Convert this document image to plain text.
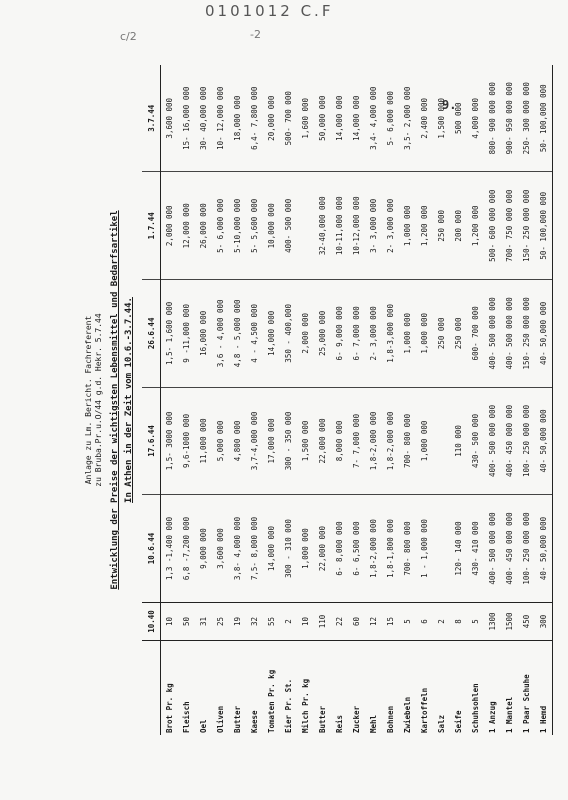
0101012 C.F
c/2	-2
9.
Anlage zu Lm. Bericht. Fachreferent zu Bruba.Pr.u.O/44 g.d. Hekr. 5.7.44 Entwicklung der Preise der wichtigsten Lebensmittel und Bedarfsartikel In Athen in der Zeit vom 10.6.-3.7.44.
	10.40	10.6.44	17.6.44	26.6.44	1.7.44	3.7.44
Brot Pr. kg	10	1,3 -1,400 000	1,5- 3000 000	1,5- 1,600 000	2,000 000	3,600 000
Fleisch	50	6,8 -7,200 000	9,6-1000 000	9 -11,000 000	12,000 000	15- 16,000 000
Oel	31	9,000 000	11,000 000	16,000 000	26,000 000	30- 40,000 000
Oliven	25	3,600 000	5,000 000	3,6 - 4,000 000	5- 6,000 000	10- 12,000 000
Butter	19	3,8- 4,000 000	4,800 000	4,8 - 5,000 000	5-10,000 000	18,000 000
Kaese	32	7,5- 8,000 000	3,7-4,000 000	4 - 4,500 000	5- 5,600 000	6,4- 7,800 000
Tomaten Pr. kg	55	14,000 000	17,000 000	14,000 000	10,000 000	20,000 000
Eier Pr. St.	2	300 - 310 000	300 - 350 000	350 - 400,000	400- 500 000	500- 700 000
Milch Pr. kg	10	1,000 000	1,500 000	2,000 000		1,600 000
Butter	110	22,000 000	22,000 000	25,000 000	32-40,000 000	50,000 000
Reis	22	6- 8,000 000	8,000 000	6- 9,000 000	10-11,000 000	14,000 000
Zucker	60	6- 6,500 000	7- 7,000 000	6- 7,000 000	10-12,000 000	14,000 000
Mehl	12	1,8-2,000 000	1,8-2,000 000	2- 3,000 000	3- 3,000 000	3,4- 4,000 000
Bohnen	15	1,8-1,800 000	1,8-2,000 000	1,8-3,000 000	2- 3,000 000	5- 6,000 000
Zwiebeln	5	700- 800 000	700- 800 000	1,000 000	1,000 000	3,5- 2,000 000
Kartoffeln	6	1 - 1,000 000	1,000 000	1,000 000	1,200 000	2,400 000
Salz	2			250 000	250 000	1,500 000
Seife	8	120- 140 000	110 000	250 000	200 000	500 000
Schuhsohlen	5	430- 410 000	430- 500 000	600- 700 000	1,200 000	4,000 000
1 Anzug	1300	400- 500 000 000	400- 500 000 000	400- 500 000 000	500- 600 000 000	800- 900 000 000
1 Mantel	1500	400- 450 000 000	400- 450 000 000	400- 500 000 000	700- 750 000 000	900- 950 000 000
1 Paar Schuhe	450	100- 250 000 000	100- 250 000 000	150- 250 000 000	150- 250 000 000	250- 300 000 000
1 Hemd	300	40- 50,000 000	40- 50,000 000	40- 50,000 000	50- 100,000 000	50- 100,000 000
